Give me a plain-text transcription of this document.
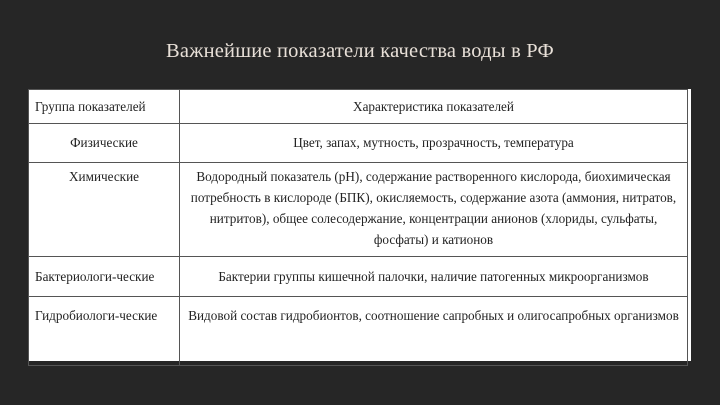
Важнейшие показатели качества воды в РФ
Группа показателей	Характеристика показателей
Физические	Цвет, запах, мутность, прозрачность, температура
Химические	Водородный показатель (рН), содержание растворенного кислорода, биохимическая потребность в кислороде (БПК), окисляемость, содержание азота (аммония, нитратов, нитритов), общее солесодержание, концентрации анионов (хлориды, сульфаты, фосфаты) и катионов
Бактериологи-ческие	Бактерии группы кишечной палочки, наличие патогенных микроорганизмов
Гидробиологи-ческие	Видовой состав гидробионтов, соотношение сапробных и олигосапробных организмов
